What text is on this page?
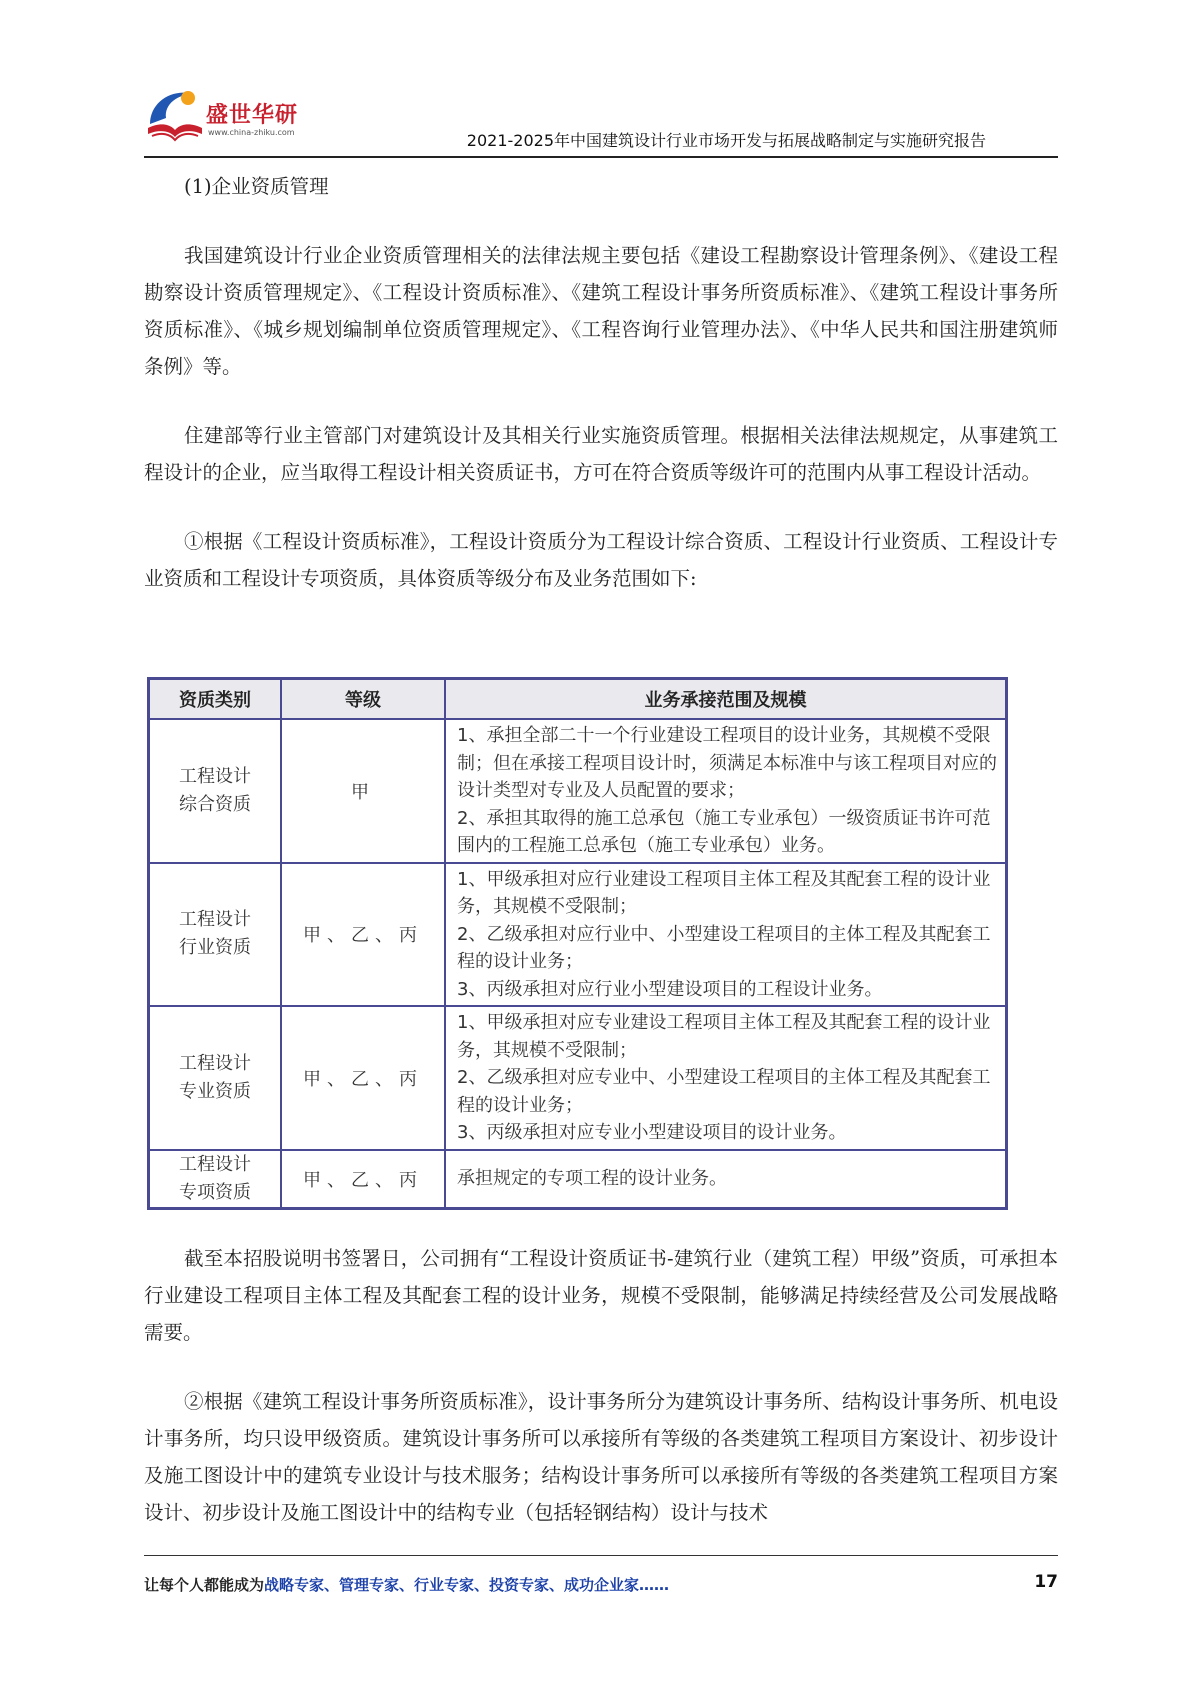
盛世华研
www.china-zhiku.com	2021-2025年中国建筑设计行业市场开发与拓展战略制定与实施研究报告

(1)企业资质管理

我国建筑设计行业企业资质管理相关的法律法规主要包括《建设工程勘察设计管理条例》、《建设工程勘察设计资质管理规定》、《工程设计资质标准》、《建筑工程设计事务所资质标准》、《建筑工程设计事务所资质标准》、《城乡规划编制单位资质管理规定》、《工程咨询行业管理办法》、《中华人民共和国注册建筑师条例》等。

住建部等行业主管部门对建筑设计及其相关行业实施资质管理。根据相关法律法规规定，从事建筑工程设计的企业，应当取得工程设计相关资质证书，方可在符合资质等级许可的范围内从事工程设计活动。

①根据《工程设计资质标准》，工程设计资质分为工程设计综合资质、工程设计行业资质、工程设计专业资质和工程设计专项资质，具体资质等级分布及业务范围如下:

资质类别	等级	业务承接范围及规模
工程设计综合资质	甲	1、承担全部二十一个行业建设工程项目的设计业务，其规模不受限制；但在承接工程项目设计时，须满足本标准中与该工程项目对应的设计类型对专业及人员配置的要求；
2、承担其取得的施工总承包（施工专业承包）一级资质证书许可范围内的工程施工总承包（施工专业承包）业务。
工程设计行业资质	甲、乙、丙	1、甲级承担对应行业建设工程项目主体工程及其配套工程的设计业务，其规模不受限制；
2、乙级承担对应行业中、小型建设工程项目的主体工程及其配套工程的设计业务；
3、丙级承担对应行业小型建设项目的工程设计业务。
工程设计专业资质	甲、乙、丙	1、甲级承担对应专业建设工程项目主体工程及其配套工程的设计业务，其规模不受限制；
2、乙级承担对应专业中、小型建设工程项目的主体工程及其配套工程的设计业务；
3、丙级承担对应专业小型建设项目的设计业务。
工程设计专项资质	甲、乙、丙	承担规定的专项工程的设计业务。

截至本招股说明书签署日，公司拥有“工程设计资质证书-建筑行业（建筑工程）甲级”资质，可承担本行业建设工程项目主体工程及其配套工程的设计业务，规模不受限制，能够满足持续经营及公司发展战略需要。

②根据《建筑工程设计事务所资质标准》，设计事务所分为建筑设计事务所、结构设计事务所、机电设计事务所，均只设甲级资质。建筑设计事务所可以承接所有等级的各类建筑工程项目方案设计、初步设计及施工图设计中的建筑专业设计与技术服务；结构设计事务所可以承接所有等级的各类建筑工程项目方案设计、初步设计及施工图设计中的结构专业（包括轻钢结构）设计与技术

让每个人都能成为战略专家、管理专家、行业专家、投资专家、成功企业家……	17
